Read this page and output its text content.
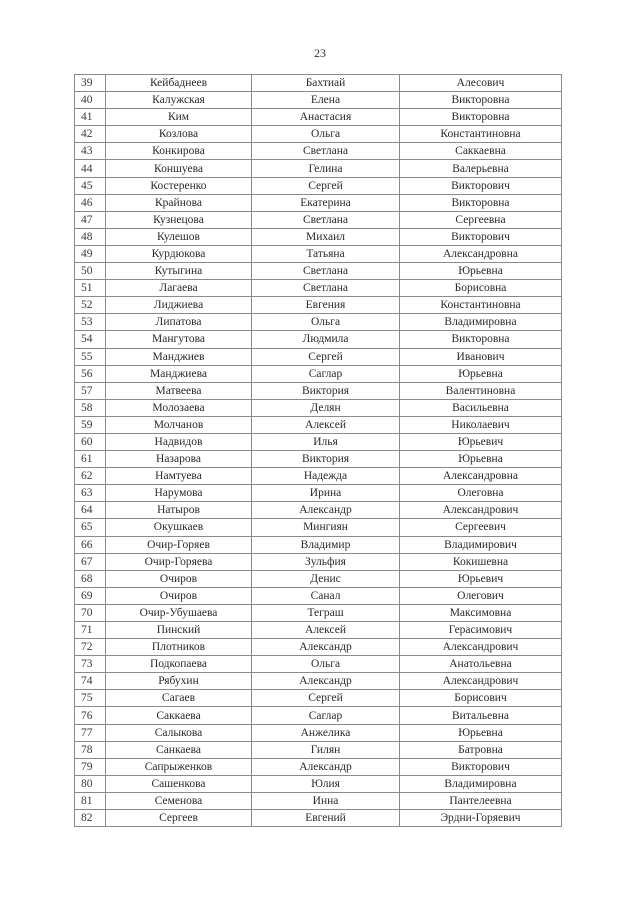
23
39	Кейбаднеев	Бахтиай	Алесович
40	Калужская	Елена	Викторовна
41	Ким	Анастасия	Викторовна
42	Козлова	Ольга	Константиновна
43	Конкирова	Светлана	Саккаевна
44	Коншуева	Гелина	Валерьевна
45	Костеренко	Сергей	Викторович
46	Крайнова	Екатерина	Викторовна
47	Кузнецова	Светлана	Сергеевна
48	Кулешов	Михаил	Викторович
49	Курдюкова	Татьяна	Александровна
50	Кутыгина	Светлана	Юрьевна
51	Лагаева	Светлана	Борисовна
52	Лиджиева	Евгения	Константиновна
53	Липатова	Ольга	Владимировна
54	Мангутова	Людмила	Викторовна
55	Манджиев	Сергей	Иванович
56	Манджиева	Саглар	Юрьевна
57	Матвеева	Виктория	Валентиновна
58	Молозаева	Делян	Васильевна
59	Молчанов	Алексей	Николаевич
60	Надвидов	Илья	Юрьевич
61	Назарова	Виктория	Юрьевна
62	Намтуева	Надежда	Александровна
63	Нарумова	Ирина	Олеговна
64	Натыров	Александр	Александрович
65	Окушкаев	Мингиян	Сергеевич
66	Очир-Горяев	Владимир	Владимирович
67	Очир-Горяева	Зульфия	Кокишевна
68	Очиров	Денис	Юрьевич
69	Очиров	Санал	Олегович
70	Очир-Убушаева	Теграш	Максимовна
71	Пинский	Алексей	Герасимович
72	Плотников	Александр	Александрович
73	Подкопаева	Ольга	Анатольевна
74	Рябухин	Александр	Александрович
75	Сагаев	Сергей	Борисович
76	Саккаева	Саглар	Витальевна
77	Салыкова	Анжелика	Юрьевна
78	Санкаева	Гилян	Батровна
79	Сапрыженков	Александр	Викторович
80	Сашенкова	Юлия	Владимировна
81	Семенова	Инна	Пантелеевна
82	Сергеев	Евгений	Эрдни-Горяевич
